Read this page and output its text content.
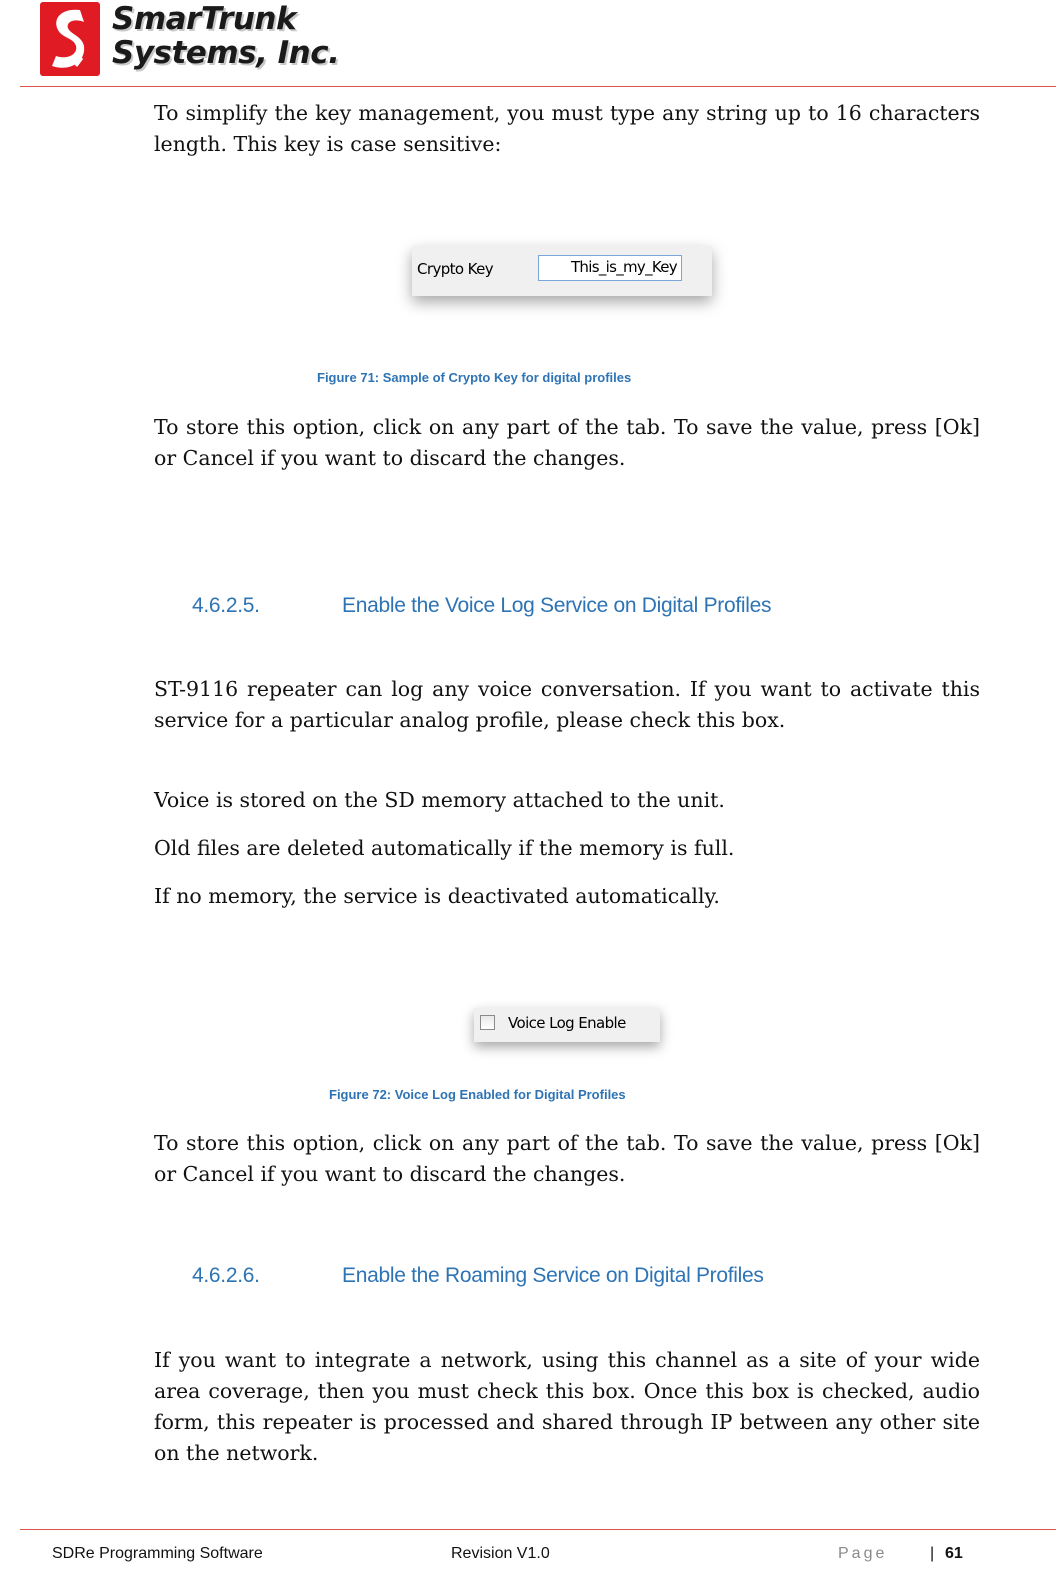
SmarTrunk
Systems, Inc.

To simplify the key management, you must type any string up to 16 characters length. This key is case sensitive:

Crypto Key	This_is_my_Key
Figure 71: Sample of Crypto Key for digital profiles

To store this option, click on any part of the tab. To save the value, press [Ok] or Cancel if you want to discard the changes.

4.6.2.5.	Enable the Voice Log Service on Digital Profiles

ST-9116 repeater can log any voice conversation. If you want to activate this service for a particular analog profile, please check this box.

Voice is stored on the SD memory attached to the unit.

Old files are deleted automatically if the memory is full.

If no memory, the service is deactivated automatically.

Voice Log Enable
Figure 72: Voice Log Enabled for Digital Profiles

To store this option, click on any part of the tab. To save the value, press [Ok] or Cancel if you want to discard the changes.

4.6.2.6.	Enable the Roaming Service on Digital Profiles

If you want to integrate a network, using this channel as a site of your wide area coverage, then you must check this box. Once this box is checked, audio form, this repeater is processed and shared through IP between any other site on the network.

SDRe Programming Software	Revision V1.0	Page	| 61
